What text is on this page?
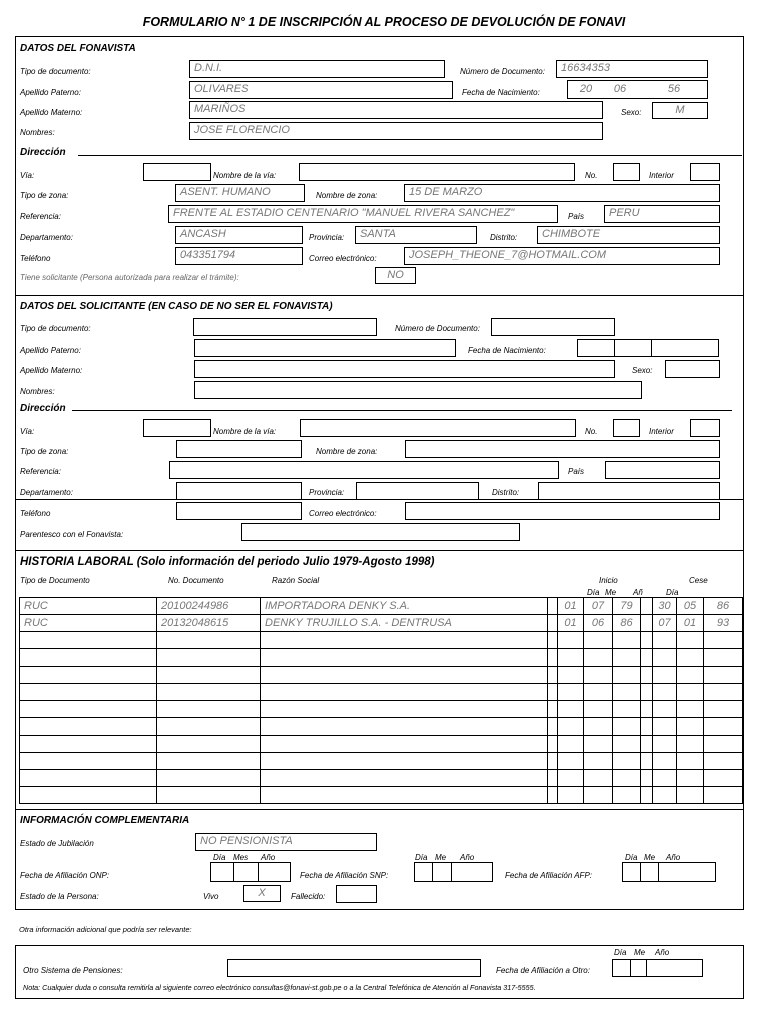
FORMULARIO N° 1 DE INSCRIPCIÓN AL PROCESO DE DEVOLUCIÓN DE FONAVI
DATOS DEL FONAVISTA
Tipo de documento:	D.N.I.	Número de Documento:	16634353
Apellido Paterno:	OLIVARES	Fecha de Nacimiento:	20	06	56
Apellido Materno:	MARIÑOS	Sexo:	M
Nombres:	JOSE FLORENCIO
Dirección
Vía:	Nombre de la vía:	No.	Interior
Tipo de zona:	ASENT. HUMANO	Nombre de zona:	15 DE MARZO
Referencia:	FRENTE AL ESTADIO CENTENARIO "MANUEL RIVERA SANCHEZ"	País	PERU
Departamento:	ANCASH	Provincia:	SANTA	Distrito:	CHIMBOTE
Teléfono	043351794	Correo electrónico:	JOSEPH_THEONE_7@HOTMAIL.COM
Tiene solicitante (Persona autorizada para realizar el trámite):	NO
DATOS DEL SOLICITANTE (EN CASO DE NO SER EL FONAVISTA)
Tipo de documento:	Número de Documento:
Apellido Paterno:	Fecha de Nacimiento:
Apellido Materno:	Sexo:
Nombres:
Dirección
Vía:	Nombre de la vía:	No.	Interior
Tipo de zona:	Nombre de zona:
Referencia:	País
Departamento:	Provincia:	Distrito:
Teléfono	Correo electrónico:
Parentesco con el Fonavista:
HISTORIA LABORAL (Solo información del periodo Julio 1979-Agosto 1998)
Tipo de Documento	No. Documento	Razón Social	Inicio	Cese
Día Me Añ	Día
RUC	20100244986	IMPORTADORA DENKY S.A.	01	07	79	30	05	86
RUC	20132048615	DENKY TRUJILLO S.A. - DENTRUSA	01	06	86	07	01	93
INFORMACIÓN COMPLEMENTARIA
Estado de Jubilación	NO PENSIONISTA
Día Mes Año	Día Me Año	Día Me Año
Fecha de Afiliación ONP:	Fecha de Afiliación SNP:	Fecha de Afiliación AFP:
Estado de la Persona:	Vivo	X	Fallecido:
Otra información adicional que podría ser relevante:
Día Me Año
Otro Sistema de Pensiones:	Fecha de Afiliación a Otro:
Nota: Cualquier duda o consulta remitirla al siguiente correo electrónico consultas@fonavi-st.gob.pe o a la Central Telefónica de Atención al Fonavista 317-5555.
